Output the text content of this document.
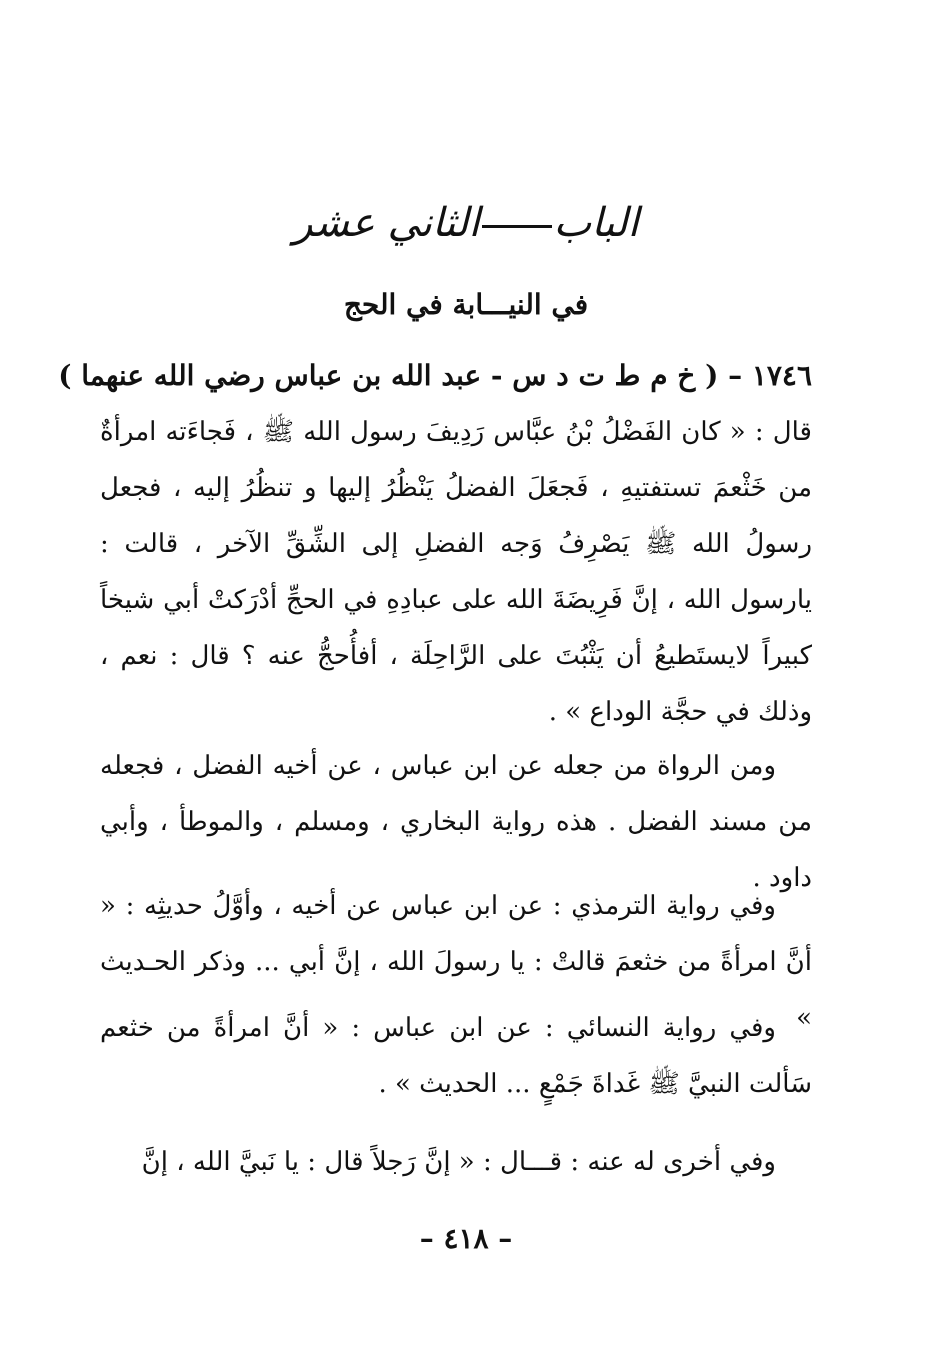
البابالثاني عشر
في النيـــابة في الحج
١٧٤٦ – ( خ م ط ت د س - عبد الله بن عباس رضي الله عنهما )
قال : « كان الفَضْلُ بْنُ عبَّاس رَدِيفَ رسول الله ﷺ ، فَجاءَته امرأةٌ من خَثْعمَ تستفتيهِ ، فَجعَلَ الفضلُ يَنْظُرُ إليها و تنظُرُ إليه ، فجعل رسولُ الله ﷺ يَصْرِفُ وَجه الفضلِ إلى الشِّقِّ الآخر ، قالت : يارسول الله ، إنَّ فَرِيضَةَ الله على عبادِهِ في الحجِّ أدْرَكتْ أبي شيخاً كبيراً لايستَطيعُ أن يَثْبُتَ على الرَّاحِلَة ، أفأُحجُّ عنه ؟ قال : نعم ، وذلك في حجَّة الوداع » .
ومن الرواة من جعله عن ابن عباس ، عن أخيه الفضل ، فجعله من مسند الفضل . هذه رواية البخاري ، ومسلم ، والموطأ ، وأبي داود .
وفي رواية الترمذي : عن ابن عباس عن أخيه ، وأوَّلُ حديثِه : « أنَّ امرأةً من خثعمَ قالتْ : يا رسولَ الله ، إنَّ أبي ... وذكر الحـديث »
وفي رواية النسائي : عن ابن عباس : « أنَّ امرأةً من خثعم سَألت النبيَّ ﷺ غَداةَ جَمْعٍ ... الحديث » .
وفي أخرى له عنه : قـــال : « إنَّ رَجلاً قال : يا نَبيَّ الله ، إنَّ
– ٤١٨ –
